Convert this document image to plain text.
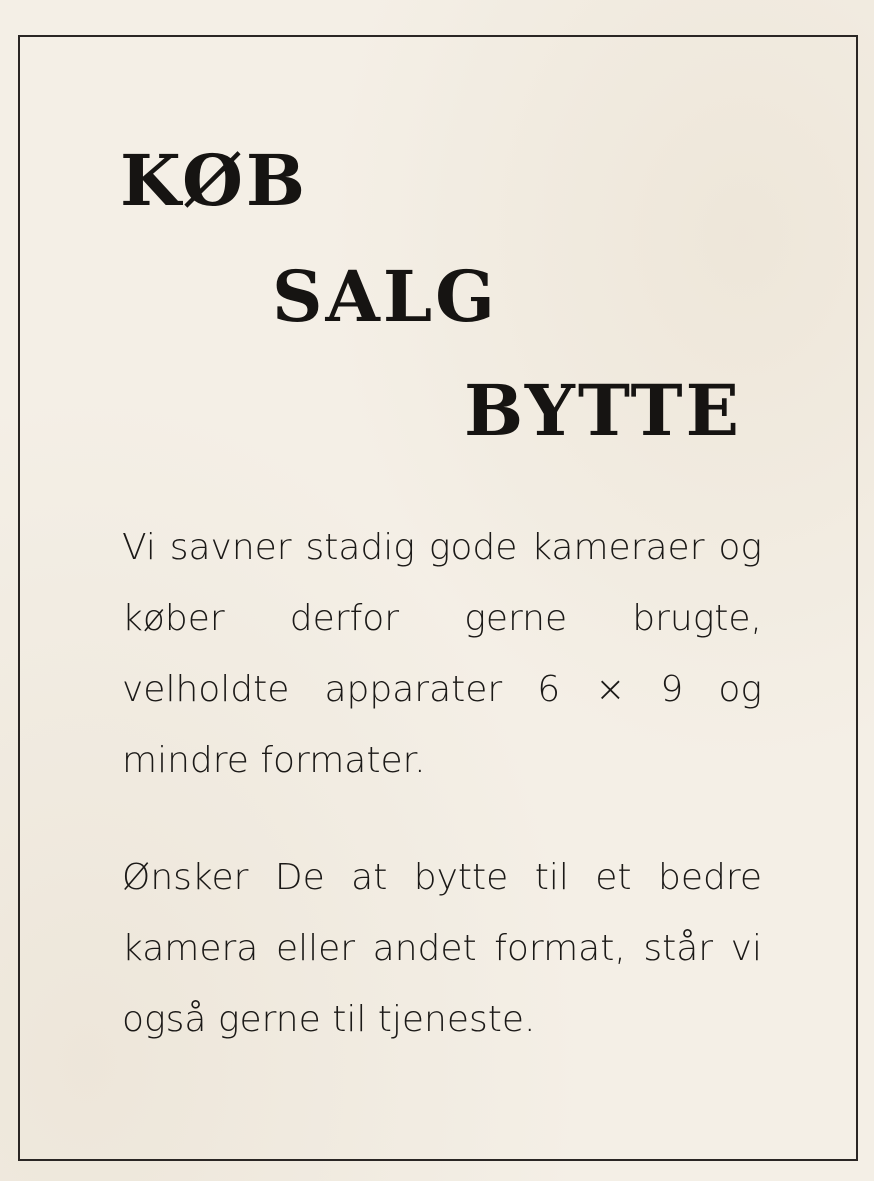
KØB
SALG
BYTTE
Vi savner stadig gode kameraer og køber derfor gerne brugte, velholdte apparater 6 × 9 og mindre formater.
Ønsker De at bytte til et bedre kamera eller andet format, står vi også gerne til tjeneste.
